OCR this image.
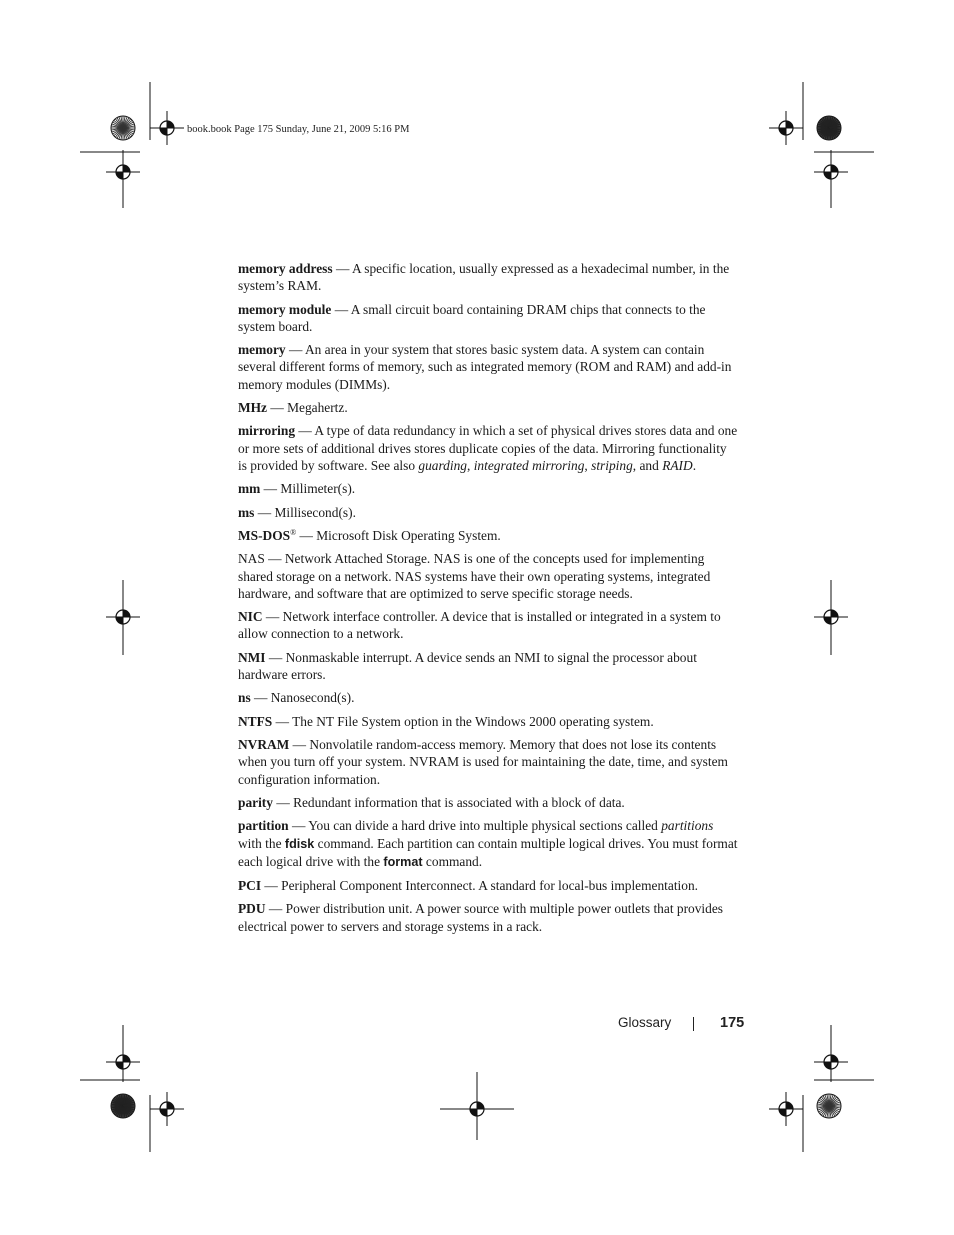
book.book Page 175 Sunday, June 21, 2009 5:16 PM

memory address — A specific location, usually expressed as a hexadecimal number, in the system’s RAM.

memory module — A small circuit board containing DRAM chips that connects to the system board.

memory — An area in your system that stores basic system data. A system can contain several different forms of memory, such as integrated memory (ROM and RAM) and add-in memory modules (DIMMs).

MHz — Megahertz.

mirroring — A type of data redundancy in which a set of physical drives stores data and one or more sets of additional drives stores duplicate copies of the data. Mirroring functionality is provided by software. See also guarding, integrated mirroring, striping, and RAID.

mm — Millimeter(s).

ms — Millisecond(s).

MS-DOS® — Microsoft Disk Operating System.

NAS — Network Attached Storage. NAS is one of the concepts used for implementing shared storage on a network. NAS systems have their own operating systems, integrated hardware, and software that are optimized to serve specific storage needs.

NIC — Network interface controller. A device that is installed or integrated in a system to allow connection to a network.

NMI — Nonmaskable interrupt. A device sends an NMI to signal the processor about hardware errors.

ns — Nanosecond(s).

NTFS — The NT File System option in the Windows 2000 operating system.

NVRAM — Nonvolatile random-access memory. Memory that does not lose its contents when you turn off your system. NVRAM is used for maintaining the date, time, and system configuration information.

parity — Redundant information that is associated with a block of data.

partition — You can divide a hard drive into multiple physical sections called partitions with the fdisk command. Each partition can contain multiple logical drives. You must format each logical drive with the format command.

PCI — Peripheral Component Interconnect. A standard for local-bus implementation.

PDU — Power distribution unit. A power source with multiple power outlets that provides electrical power to servers and storage systems in a rack.

Glossary	175
